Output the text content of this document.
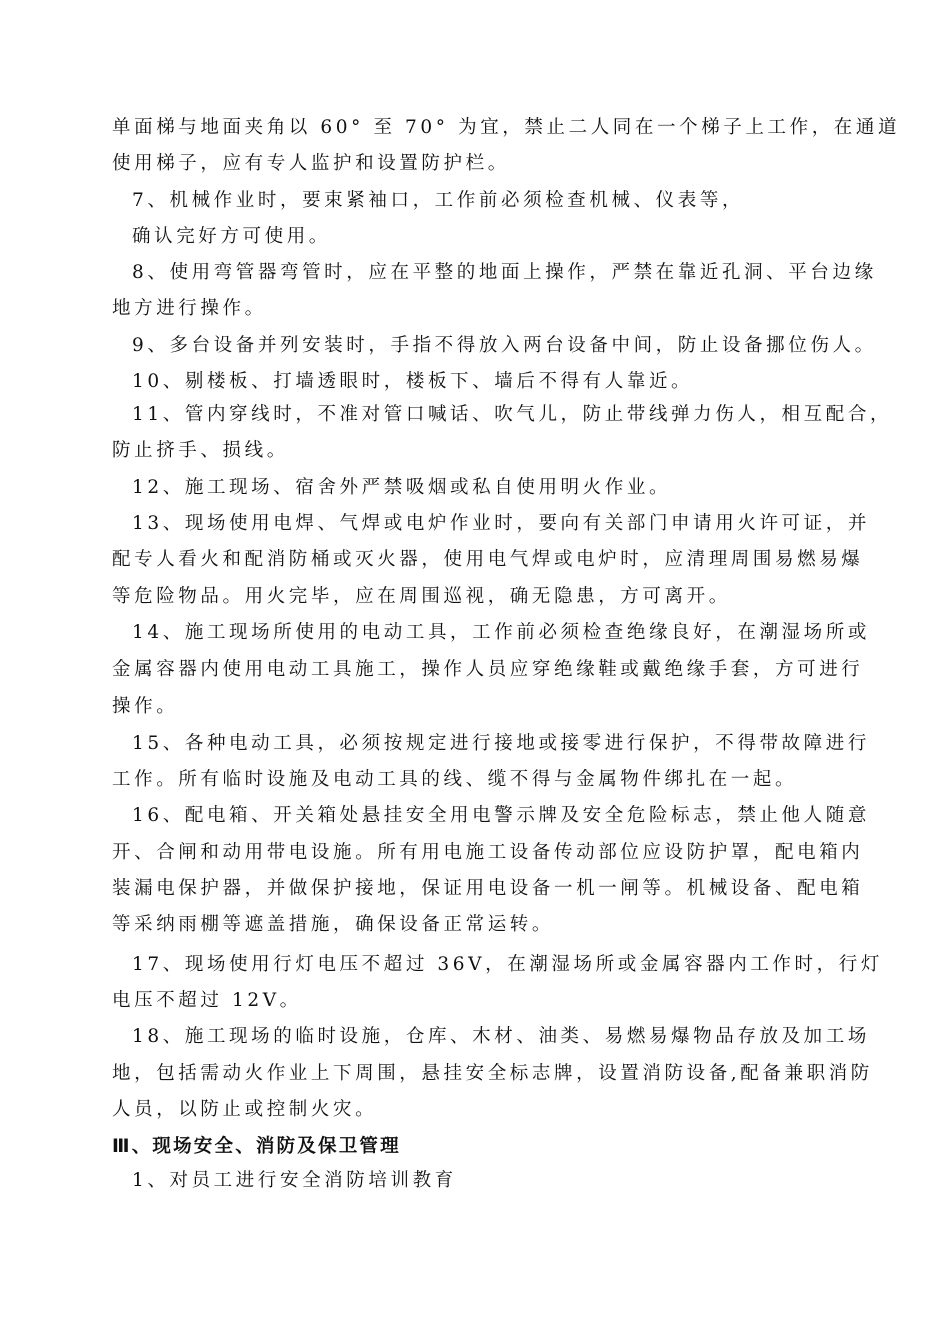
单面梯与地面夹角以 60° 至 70° 为宜，禁止二人同在一个梯子上工作，在通道
使用梯子，应有专人监护和设置防护栏。
7、机械作业时，要束紧袖口，工作前必须检查机械、仪表等，
确认完好方可使用。
8、使用弯管器弯管时，应在平整的地面上操作，严禁在靠近孔洞、平台边缘
地方进行操作。
9、多台设备并列安装时，手指不得放入两台设备中间，防止设备挪位伤人。
10、剔楼板、打墙透眼时，楼板下、墙后不得有人靠近。
11、管内穿线时，不准对管口喊话、吹气儿，防止带线弹力伤人，相互配合，
防止挤手、损线。
12、施工现场、宿舍外严禁吸烟或私自使用明火作业。
13、现场使用电焊、气焊或电炉作业时，要向有关部门申请用火许可证，并
配专人看火和配消防桶或灭火器，使用电气焊或电炉时，应清理周围易燃易爆
等危险物品。用火完毕，应在周围巡视，确无隐患，方可离开。
14、施工现场所使用的电动工具，工作前必须检查绝缘良好，在潮湿场所或
金属容器内使用电动工具施工，操作人员应穿绝缘鞋或戴绝缘手套，方可进行
操作。
15、各种电动工具，必须按规定进行接地或接零进行保护，不得带故障进行
工作。所有临时设施及电动工具的线、缆不得与金属物件绑扎在一起。
16、配电箱、开关箱处悬挂安全用电警示牌及安全危险标志，禁止他人随意
开、合闸和动用带电设施。所有用电施工设备传动部位应设防护罩，配电箱内
装漏电保护器，并做保护接地，保证用电设备一机一闸等。机械设备、配电箱
等采纳雨棚等遮盖措施，确保设备正常运转。
17、现场使用行灯电压不超过 36V，在潮湿场所或金属容器内工作时，行灯
电压不超过 12V。
18、施工现场的临时设施，仓库、木材、油类、易燃易爆物品存放及加工场
地，包括需动火作业上下周围，悬挂安全标志牌，设置消防设备,配备兼职消防
人员，以防止或控制火灾。
Ⅲ、现场安全、消防及保卫管理
1、对员工进行安全消防培训教育
